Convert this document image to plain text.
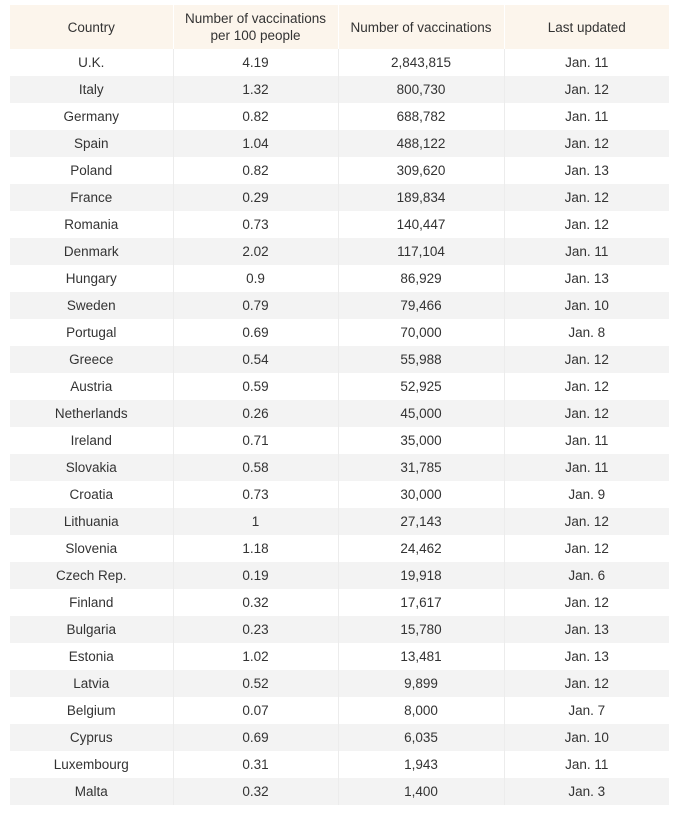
Country	Number of vaccinations per 100 people	Number of vaccinations	Last updated
U.K.	4.19	2,843,815	Jan. 11
Italy	1.32	800,730	Jan. 12
Germany	0.82	688,782	Jan. 11
Spain	1.04	488,122	Jan. 12
Poland	0.82	309,620	Jan. 13
France	0.29	189,834	Jan. 12
Romania	0.73	140,447	Jan. 12
Denmark	2.02	117,104	Jan. 11
Hungary	0.9	86,929	Jan. 13
Sweden	0.79	79,466	Jan. 10
Portugal	0.69	70,000	Jan. 8
Greece	0.54	55,988	Jan. 12
Austria	0.59	52,925	Jan. 12
Netherlands	0.26	45,000	Jan. 12
Ireland	0.71	35,000	Jan. 11
Slovakia	0.58	31,785	Jan. 11
Croatia	0.73	30,000	Jan. 9
Lithuania	1	27,143	Jan. 12
Slovenia	1.18	24,462	Jan. 12
Czech Rep.	0.19	19,918	Jan. 6
Finland	0.32	17,617	Jan. 12
Bulgaria	0.23	15,780	Jan. 13
Estonia	1.02	13,481	Jan. 13
Latvia	0.52	9,899	Jan. 12
Belgium	0.07	8,000	Jan. 7
Cyprus	0.69	6,035	Jan. 10
Luxembourg	0.31	1,943	Jan. 11
Malta	0.32	1,400	Jan. 3
